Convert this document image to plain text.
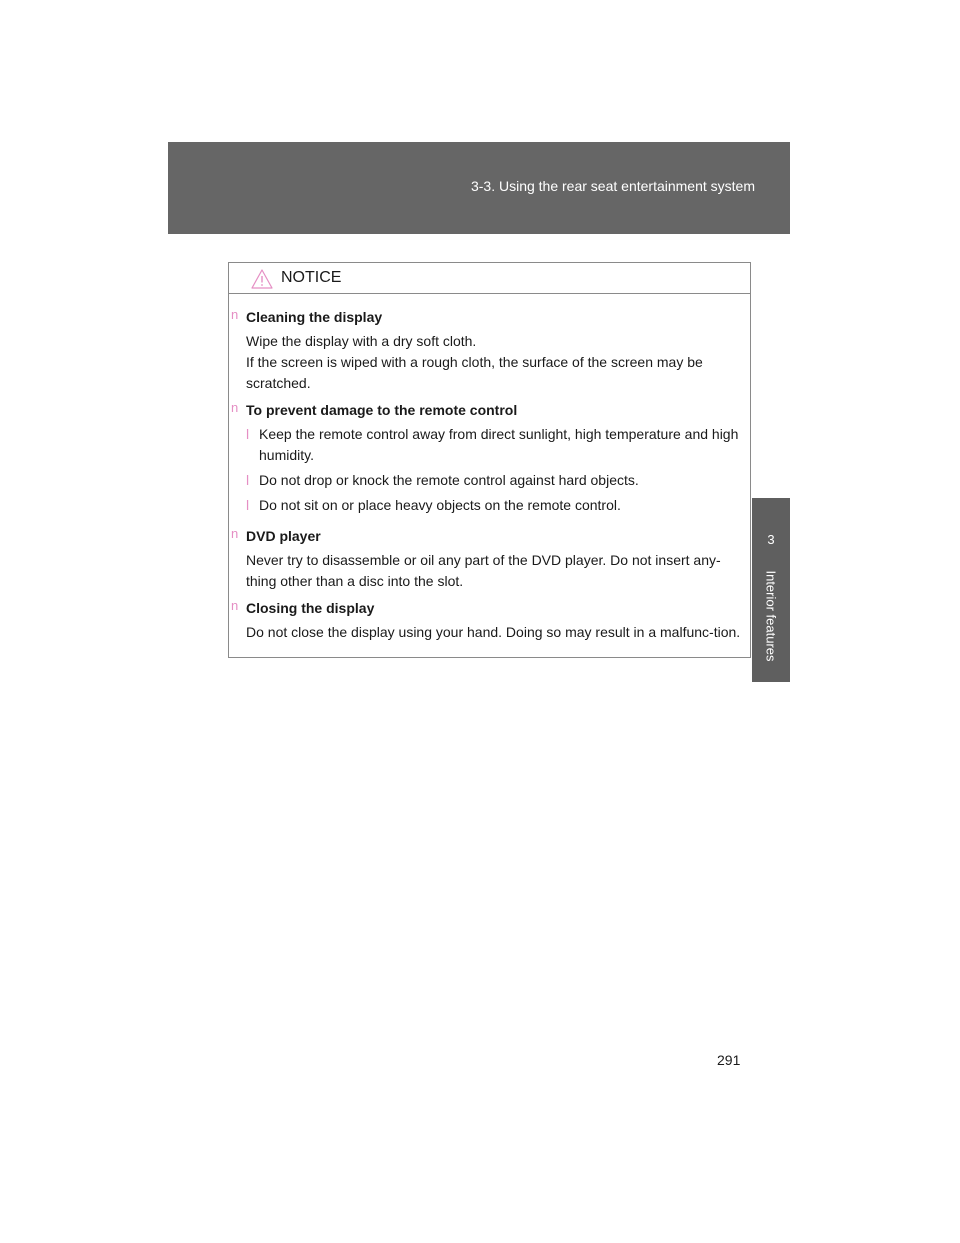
3-3. Using the rear seat entertainment system
3
Interior features
NOTICE
n Cleaning the display
Wipe the display with a dry soft cloth.
If the screen is wiped with a rough cloth, the surface of the screen may be scratched.
n To prevent damage to the remote control
l Keep the remote control away from direct sunlight, high temperature and high humidity.
l Do not drop or knock the remote control against hard objects.
l Do not sit on or place heavy objects on the remote control.
n DVD player
Never try to disassemble or oil any part of the DVD player. Do not insert any-thing other than a disc into the slot.
n Closing the display
Do not close the display using your hand. Doing so may result in a malfunc-tion.
291
